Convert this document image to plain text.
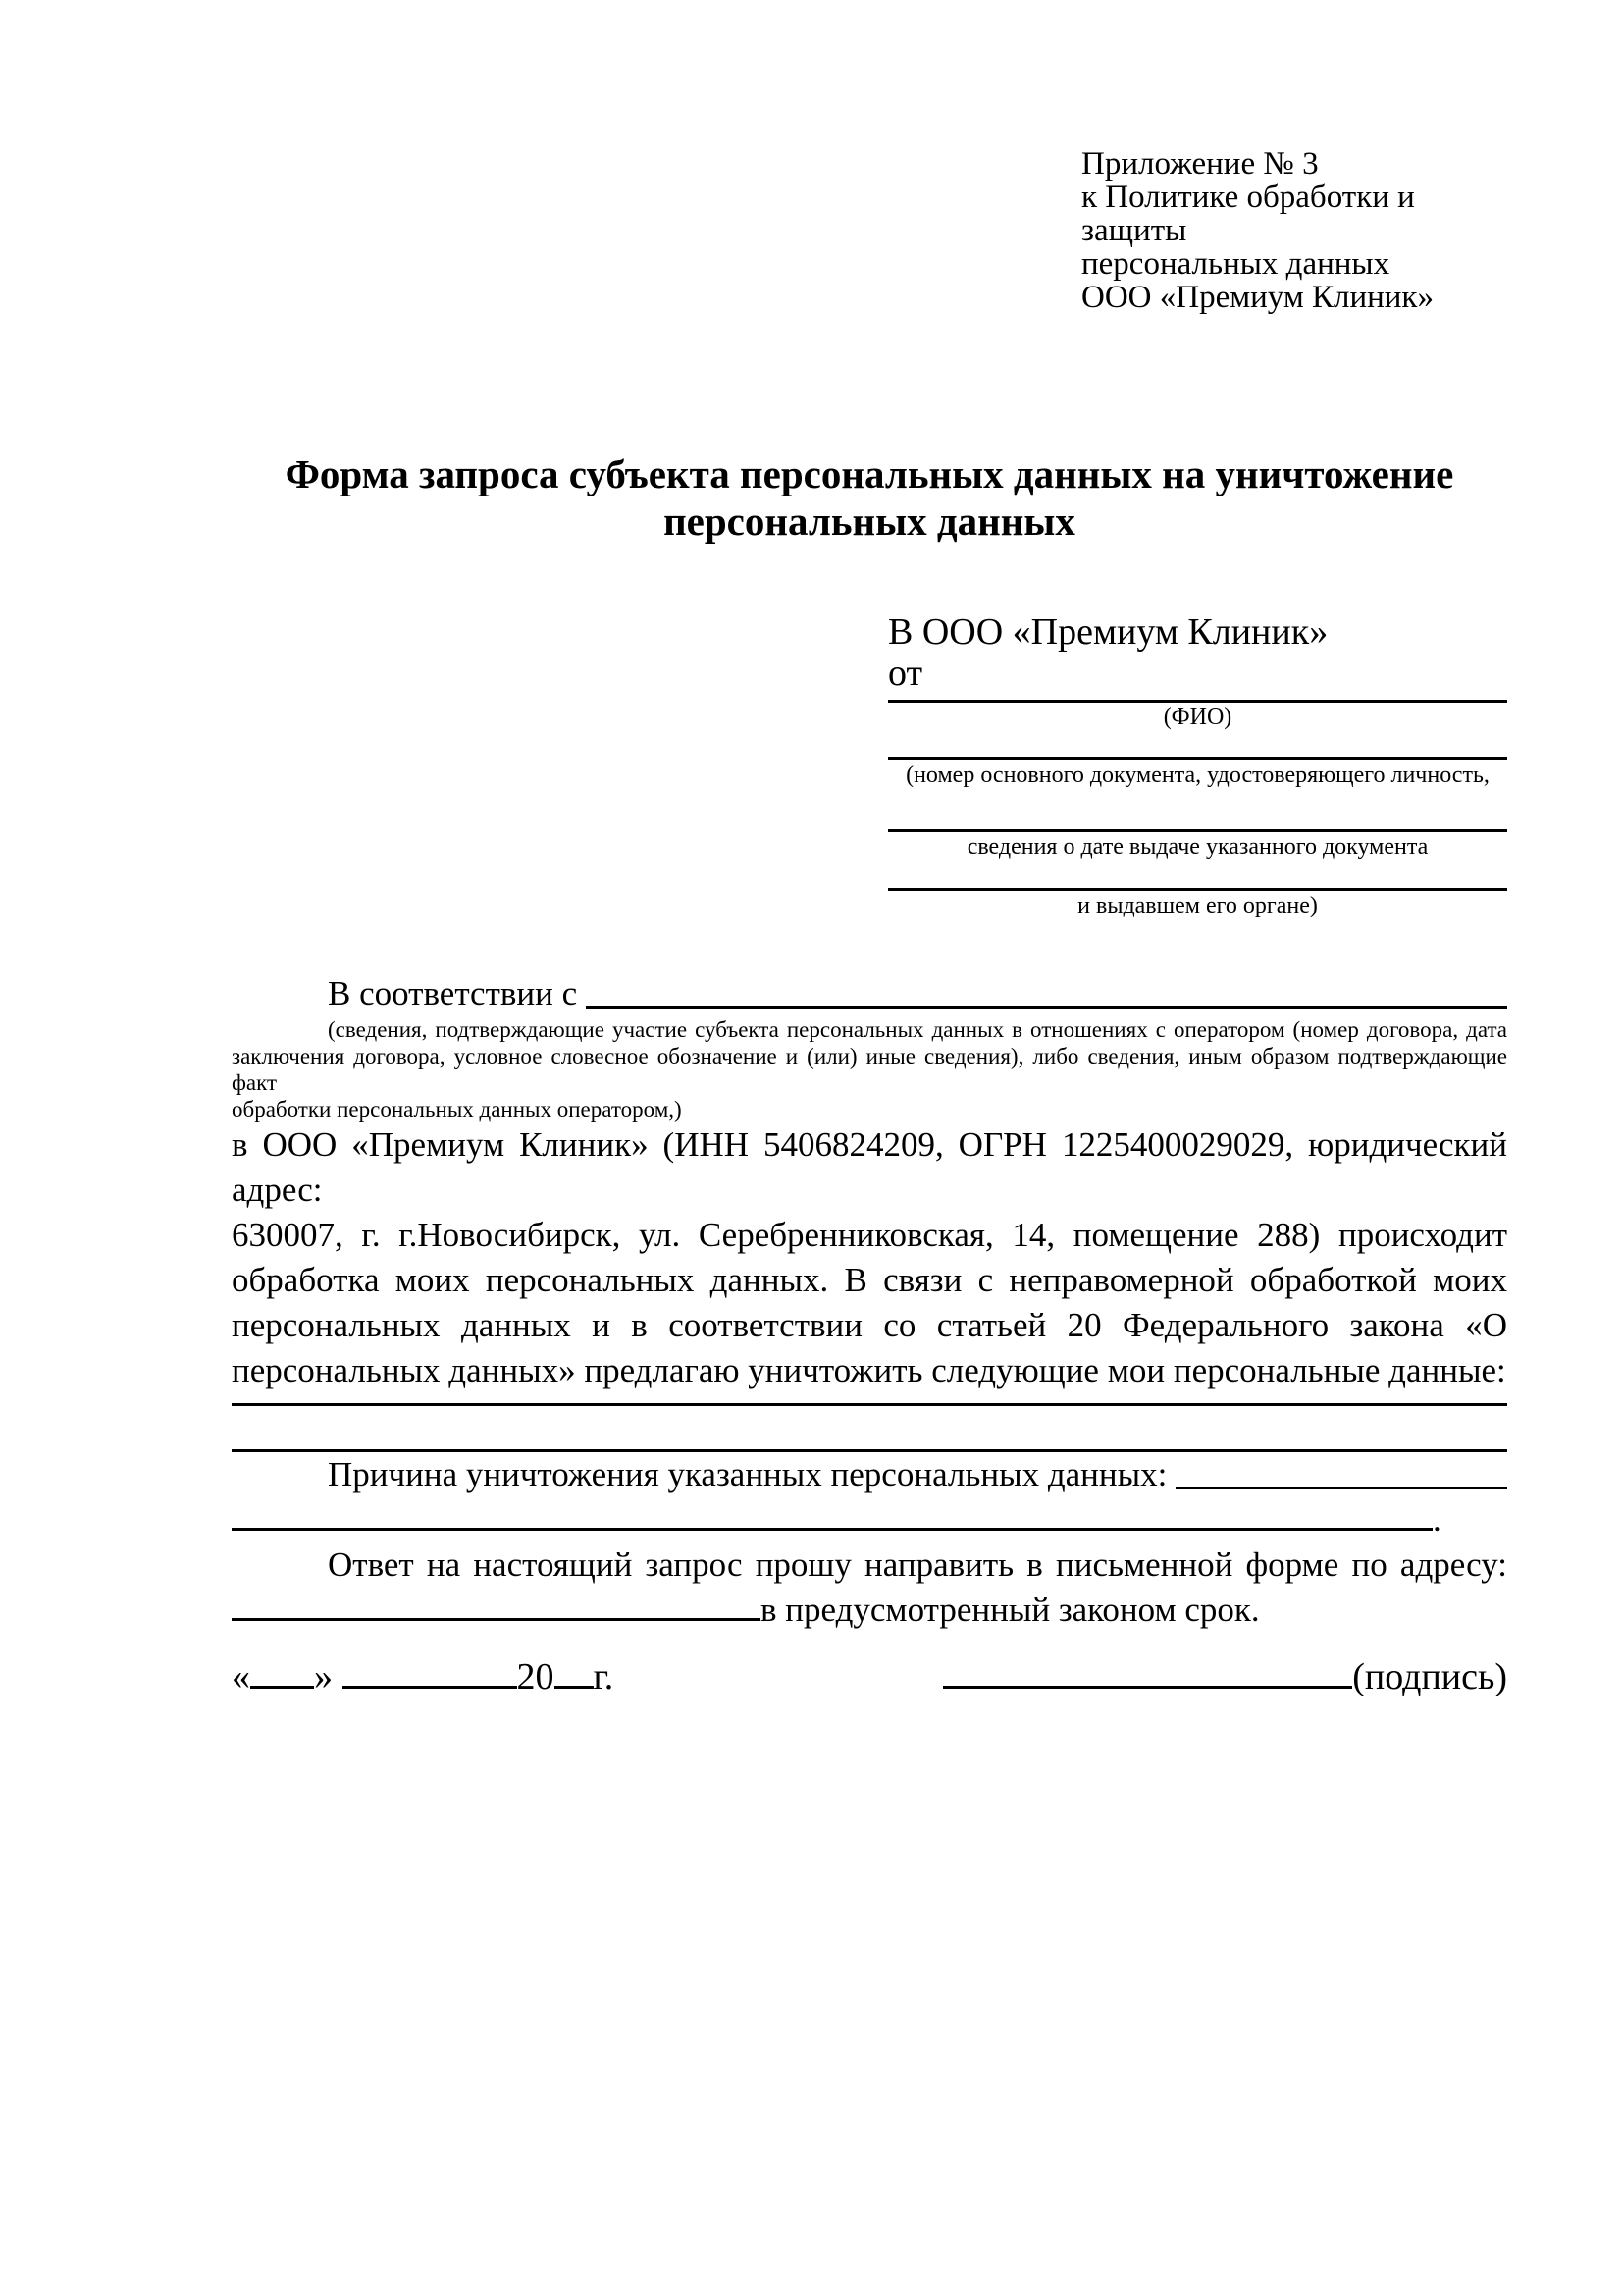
Приложение № 3
к Политике обработки и защиты
персональных данных
ООО «Премиум Клиник»
Форма запроса субъекта персональных данных на уничтожение
персональных данных
В ООО «Премиум Клиник»
от
(ФИО)
(номер основного документа, удостоверяющего личность,
сведения о дате выдаче указанного документа
и выдавшем его органе)
В соответствии с
(сведения, подтверждающие участие субъекта персональных данных в отношениях с оператором (номер договора, дата
заключения договора, условное словесное обозначение и (или) иные сведения), либо сведения, иным образом подтверждающие факт
обработки персональных данных оператором,)
в ООО «Премиум Клиник» (ИНН 5406824209, ОГРН 1225400029029, юридический адрес:
630007, г. г.Новосибирск, ул. Серебренниковская, 14, помещение 288) происходит
обработка моих персональных данных. В связи с неправомерной обработкой моих
персональных данных и в соответствии со статьей 20 Федерального закона «О
персональных данных» предлагаю уничтожить следующие мои персональные данные:
Причина уничтожения указанных персональных данных:
.
Ответ на настоящий запрос прошу направить в письменной форме по адресу:
в предусмотренный законом срок.
« »	20 г.	(подпись)
